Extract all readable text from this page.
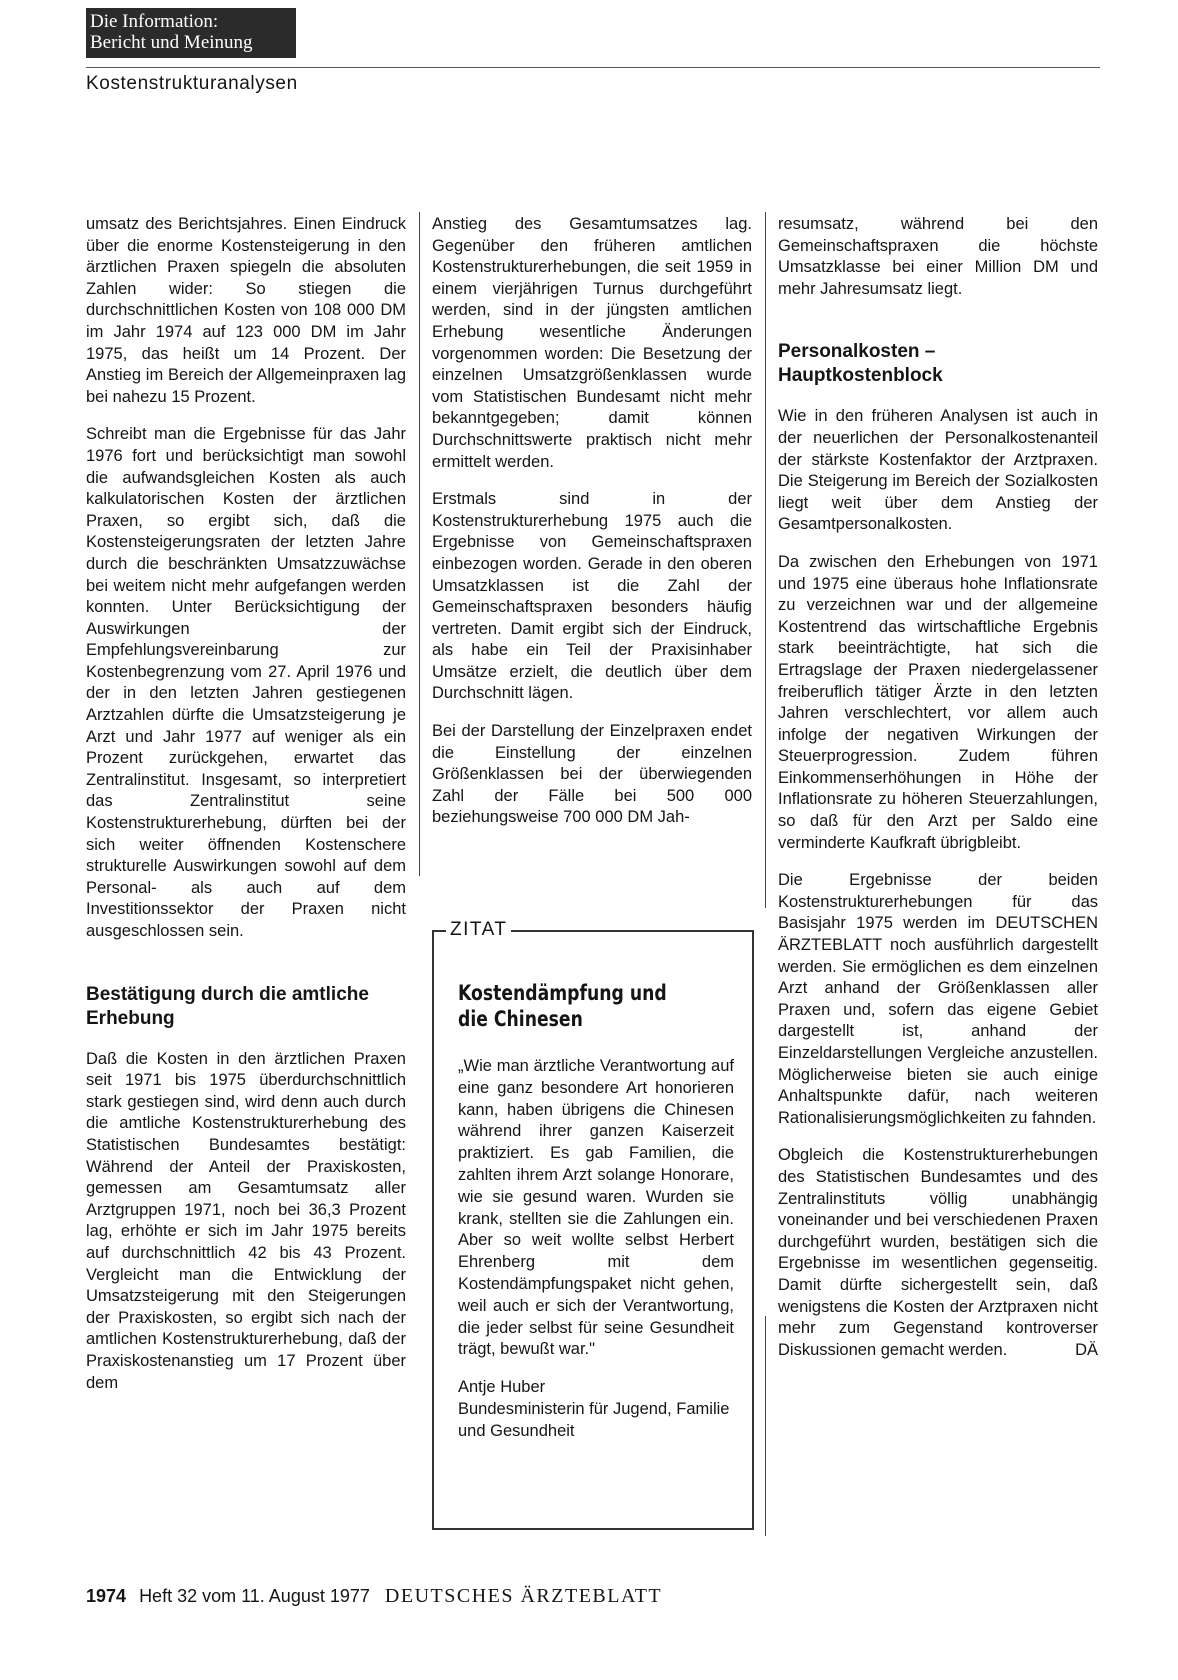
Die Information:
Bericht und Meinung
Kostenstrukturanalysen

umsatz des Berichtsjahres. Einen Eindruck über die enorme Kostensteigerung in den ärztlichen Praxen spiegeln die absoluten Zahlen wider: So stiegen die durchschnittlichen Kosten von 108 000 DM im Jahr 1974 auf 123 000 DM im Jahr 1975, das heißt um 14 Prozent. Der Anstieg im Bereich der Allgemeinpraxen lag bei nahezu 15 Prozent.

Schreibt man die Ergebnisse für das Jahr 1976 fort und berücksichtigt man sowohl die aufwandsgleichen Kosten als auch kalkulatorischen Kosten der ärztlichen Praxen, so ergibt sich, daß die Kostensteigerungsraten der letzten Jahre durch die beschränkten Umsatzzuwächse bei weitem nicht mehr aufgefangen werden konnten. Unter Berücksichtigung der Auswirkungen der Empfehlungsvereinbarung zur Kostenbegrenzung vom 27. April 1976 und der in den letzten Jahren gestiegenen Arztzahlen dürfte die Umsatzsteigerung je Arzt und Jahr 1977 auf weniger als ein Prozent zurückgehen, erwartet das Zentralinstitut. Insgesamt, so interpretiert das Zentralinstitut seine Kostenstrukturerhebung, dürften bei der sich weiter öffnenden Kostenschere strukturelle Auswirkungen sowohl auf dem Personal- als auch auf dem Investitionssektor der Praxen nicht ausgeschlossen sein.

Bestätigung durch die amtliche Erhebung

Daß die Kosten in den ärztlichen Praxen seit 1971 bis 1975 überdurchschnittlich stark gestiegen sind, wird denn auch durch die amtliche Kostenstrukturerhebung des Statistischen Bundesamtes bestätigt: Während der Anteil der Praxiskosten, gemessen am Gesamtumsatz aller Arztgruppen 1971, noch bei 36,3 Prozent lag, erhöhte er sich im Jahr 1975 bereits auf durchschnittlich 42 bis 43 Prozent. Vergleicht man die Entwicklung der Umsatzsteigerung mit den Steigerungen der Praxiskosten, so ergibt sich nach der amtlichen Kostenstrukturerhebung, daß der Praxiskostenanstieg um 17 Prozent über dem

Anstieg des Gesamtumsatzes lag. Gegenüber den früheren amtlichen Kostenstrukturerhebungen, die seit 1959 in einem vierjährigen Turnus durchgeführt werden, sind in der jüngsten amtlichen Erhebung wesentliche Änderungen vorgenommen worden: Die Besetzung der einzelnen Umsatzgrößenklassen wurde vom Statistischen Bundesamt nicht mehr bekanntgegeben; damit können Durchschnittswerte praktisch nicht mehr ermittelt werden.

Erstmals sind in der Kostenstrukturerhebung 1975 auch die Ergebnisse von Gemeinschaftspraxen einbezogen worden. Gerade in den oberen Umsatzklassen ist die Zahl der Gemeinschaftspraxen besonders häufig vertreten. Damit ergibt sich der Eindruck, als habe ein Teil der Praxisinhaber Umsätze erzielt, die deutlich über dem Durchschnitt lägen.

Bei der Darstellung der Einzelpraxen endet die Einstellung der einzelnen Größenklassen bei der überwiegenden Zahl der Fälle bei 500 000 beziehungsweise 700 000 DM Jah-

ZITAT
Kostendämpfung und die Chinesen

„Wie man ärztliche Verantwortung auf eine ganz besondere Art honorieren kann, haben übrigens die Chinesen während ihrer ganzen Kaiserzeit praktiziert. Es gab Familien, die zahlten ihrem Arzt solange Honorare, wie sie gesund waren. Wurden sie krank, stellten sie die Zahlungen ein. Aber so weit wollte selbst Herbert Ehrenberg mit dem Kostendämpfungspaket nicht gehen, weil auch er sich der Verantwortung, die jeder selbst für seine Gesundheit trägt, bewußt war."

Antje Huber

Bundesministerin für Jugend, Familie und Gesundheit

resumsatz, während bei den Gemeinschaftspraxen die höchste Umsatzklasse bei einer Million DM und mehr Jahresumsatz liegt.

Personalkosten – Hauptkostenblock

Wie in den früheren Analysen ist auch in der neuerlichen der Personalkostenanteil der stärkste Kostenfaktor der Arztpraxen. Die Steigerung im Bereich der Sozialkosten liegt weit über dem Anstieg der Gesamtpersonalkosten.

Da zwischen den Erhebungen von 1971 und 1975 eine überaus hohe Inflationsrate zu verzeichnen war und der allgemeine Kostentrend das wirtschaftliche Ergebnis stark beeinträchtigte, hat sich die Ertragslage der Praxen niedergelassener freiberuflich tätiger Ärzte in den letzten Jahren verschlechtert, vor allem auch infolge der negativen Wirkungen der Steuerprogression. Zudem führen Einkommenserhöhungen in Höhe der Inflationsrate zu höheren Steuerzahlungen, so daß für den Arzt per Saldo eine verminderte Kaufkraft übrigbleibt.

Die Ergebnisse der beiden Kostenstrukturerhebungen für das Basisjahr 1975 werden im DEUTSCHEN ÄRZTEBLATT noch ausführlich dargestellt werden. Sie ermöglichen es dem einzelnen Arzt anhand der Größenklassen aller Praxen und, sofern das eigene Gebiet dargestellt ist, anhand der Einzeldarstellungen Vergleiche anzustellen. Möglicherweise bieten sie auch einige Anhaltspunkte dafür, nach weiteren Rationalisierungsmöglichkeiten zu fahnden.

Obgleich die Kostenstrukturerhebungen des Statistischen Bundesamtes und des Zentralinstituts völlig unabhängig voneinander und bei verschiedenen Praxen durchgeführt wurden, bestätigen sich die Ergebnisse im wesentlichen gegenseitig. Damit dürfte sichergestellt sein, daß wenigstens die Kosten der Arztpraxen nicht mehr zum Gegenstand kontroverser Diskussionen gemacht werden.	DÄ

1974 Heft 32 vom 11. August 1977 DEUTSCHES ÄRZTEBLATT
